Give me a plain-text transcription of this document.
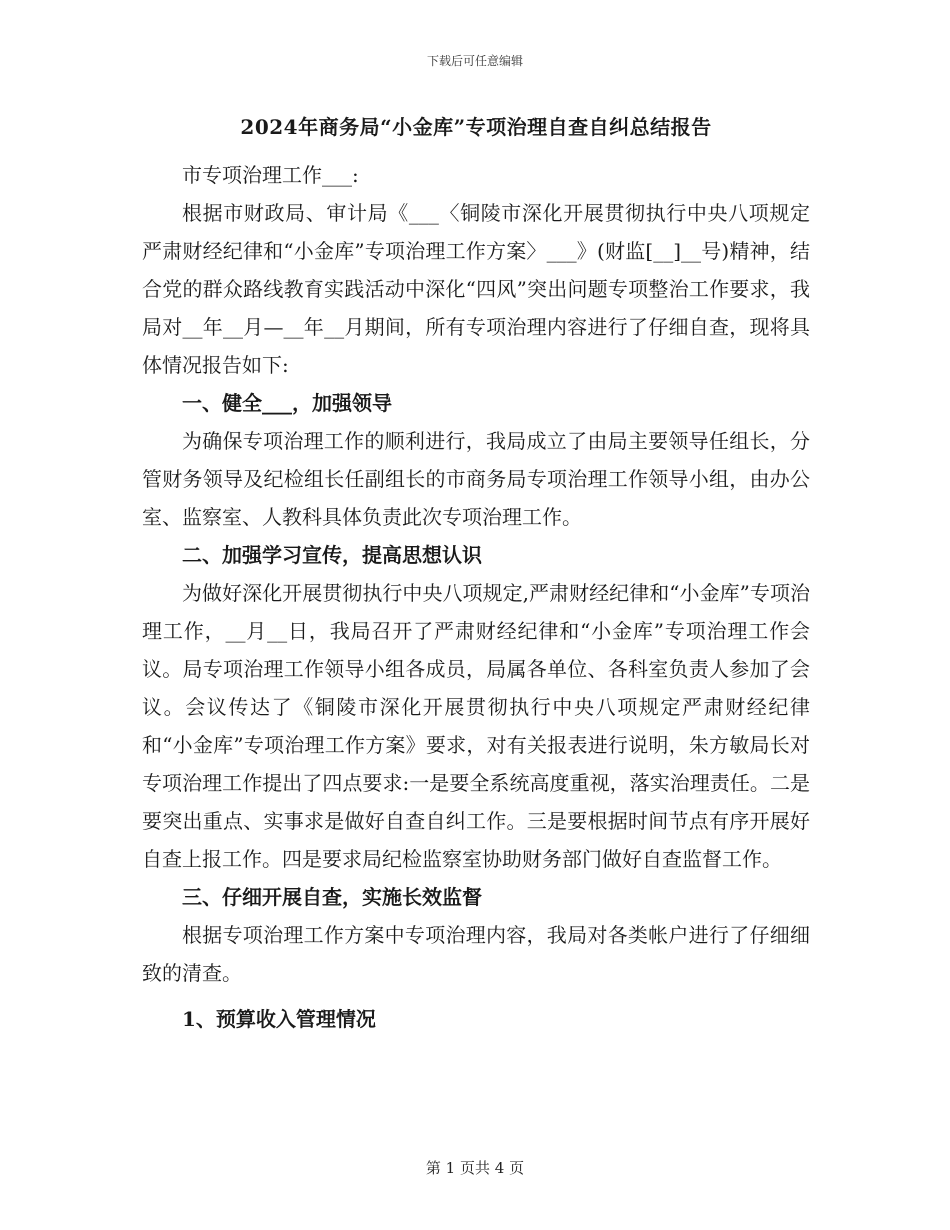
下载后可任意编辑
2024年商务局“小金库”专项治理自查自纠总结报告

市专项治理工作___:

根据市财政局、审计局《___〈铜陵市深化开展贯彻执行中央八项规定严肃财经纪律和“小金库”专项治理工作方案〉___》(财监[__]__号)精神，结合党的群众路线教育实践活动中深化“四风”突出问题专项整治工作要求，我局对__年__月—__年__月期间，所有专项治理内容进行了仔细自查，现将具体情况报告如下:

一、健全___，加强领导

为确保专项治理工作的顺利进行，我局成立了由局主要领导任组长，分管财务领导及纪检组长任副组长的市商务局专项治理工作领导小组，由办公室、监察室、人教科具体负责此次专项治理工作。

二、加强学习宣传，提高思想认识

为做好深化开展贯彻执行中央八项规定,严肃财经纪律和“小金库”专项治理工作，__月__日，我局召开了严肃财经纪律和“小金库”专项治理工作会议。局专项治理工作领导小组各成员，局属各单位、各科室负责人参加了会议。会议传达了《铜陵市深化开展贯彻执行中央八项规定严肃财经纪律和“小金库”专项治理工作方案》要求，对有关报表进行说明，朱方敏局长对专项治理工作提出了四点要求:一是要全系统高度重视，落实治理责任。二是要突出重点、实事求是做好自查自纠工作。三是要根据时间节点有序开展好自查上报工作。四是要求局纪检监察室协助财务部门做好自查监督工作。

三、仔细开展自查，实施长效监督

根据专项治理工作方案中专项治理内容，我局对各类帐户进行了仔细细致的清查。

1、预算收入管理情况

第 1 页共 4 页
